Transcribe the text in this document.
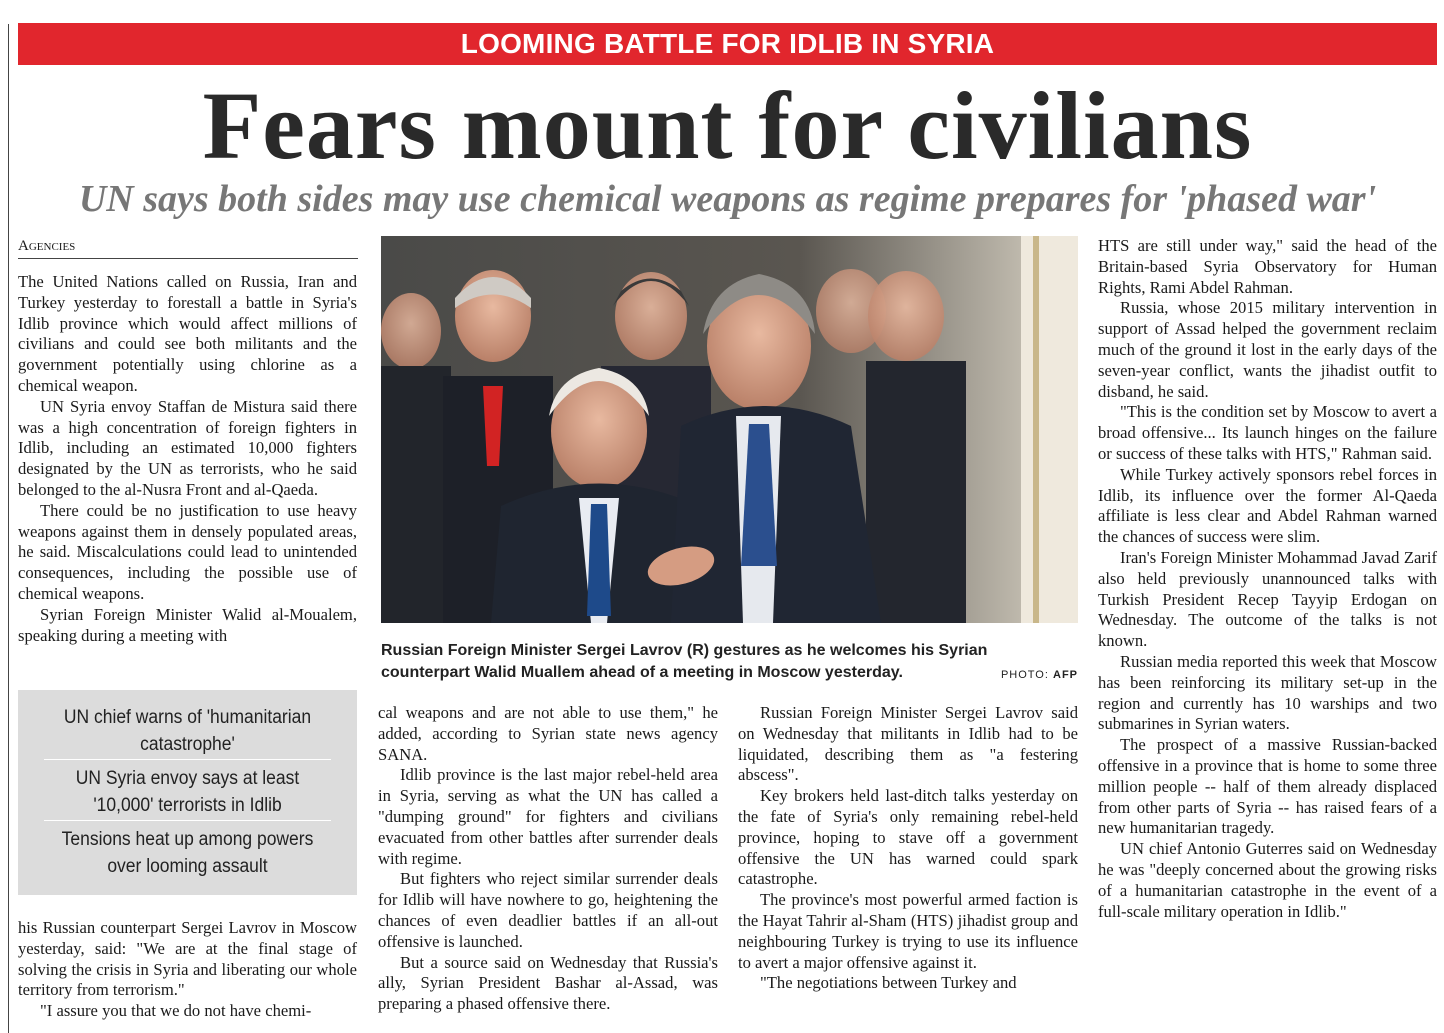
LOOMING BATTLE FOR IDLIB IN SYRIA
Fears mount for civilians
UN says both sides may use chemical weapons as regime prepares for 'phased war'
Agencies

The United Nations called on Russia, Iran and Turkey yesterday to forestall a battle in Syria's Idlib province which would affect millions of civilians and could see both militants and the government potentially using chlorine as a chemical weapon.

UN Syria envoy Staffan de Mistura said there was a high concentration of foreign fighters in Idlib, including an estimated 10,000 fighters designated by the UN as terrorists, who he said belonged to the al-Nusra Front and al-Qaeda.

There could be no justification to use heavy weapons against them in densely populated areas, he said. Miscalculations could lead to unintended consequences, including the possible use of chemical weapons.

Syrian Foreign Minister Walid al-Moualem, speaking during a meeting with

UN chief warns of 'humanitarian catastrophe'
UN Syria envoy says at least '10,000' terrorists in Idlib
Tensions heat up among powers over looming assault

his Russian counterpart Sergei Lavrov in Moscow yesterday, said: "We are at the final stage of solving the crisis in Syria and liberating our whole territory from terrorism."

"I assure you that we do not have chemi-

Russian Foreign Minister Sergei Lavrov (R) gestures as he welcomes his Syrian counterpart Walid Muallem ahead of a meeting in Moscow yesterday.	PHOTO: AFP

cal weapons and are not able to use them," he added, according to Syrian state news agency SANA.

Idlib province is the last major rebel-held area in Syria, serving as what the UN has called a "dumping ground" for fighters and civilians evacuated from other battles after surrender deals with regime.

But fighters who reject similar surrender deals for Idlib will have nowhere to go, heightening the chances of even deadlier battles if an all-out offensive is launched.

But a source said on Wednesday that Russia's ally, Syrian President Bashar al-Assad, was preparing a phased offensive there.

Russian Foreign Minister Sergei Lavrov said on Wednesday that militants in Idlib had to be liquidated, describing them as "a festering abscess".

Key brokers held last-ditch talks yesterday on the fate of Syria's only remaining rebel-held province, hoping to stave off a government offensive the UN has warned could spark catastrophe.

The province's most powerful armed faction is the Hayat Tahrir al-Sham (HTS) jihadist group and neighbouring Turkey is trying to use its influence to avert a major offensive against it.

"The negotiations between Turkey and

HTS are still under way," said the head of the Britain-based Syria Observatory for Human Rights, Rami Abdel Rahman.

Russia, whose 2015 military intervention in support of Assad helped the government reclaim much of the ground it lost in the early days of the seven-year conflict, wants the jihadist outfit to disband, he said.

"This is the condition set by Moscow to avert a broad offensive... Its launch hinges on the failure or success of these talks with HTS," Rahman said.

While Turkey actively sponsors rebel forces in Idlib, its influence over the former Al-Qaeda affiliate is less clear and Abdel Rahman warned the chances of success were slim.

Iran's Foreign Minister Mohammad Javad Zarif also held previously unannounced talks with Turkish President Recep Tayyip Erdogan on Wednesday. The outcome of the talks is not known.

Russian media reported this week that Moscow has been reinforcing its military set-up in the region and currently has 10 warships and two submarines in Syrian waters.

The prospect of a massive Russian-backed offensive in a province that is home to some three million people -- half of them already displaced from other parts of Syria -- has raised fears of a new humanitarian tragedy.

UN chief Antonio Guterres said on Wednesday he was "deeply concerned about the growing risks of a humanitarian catastrophe in the event of a full-scale military operation in Idlib."
